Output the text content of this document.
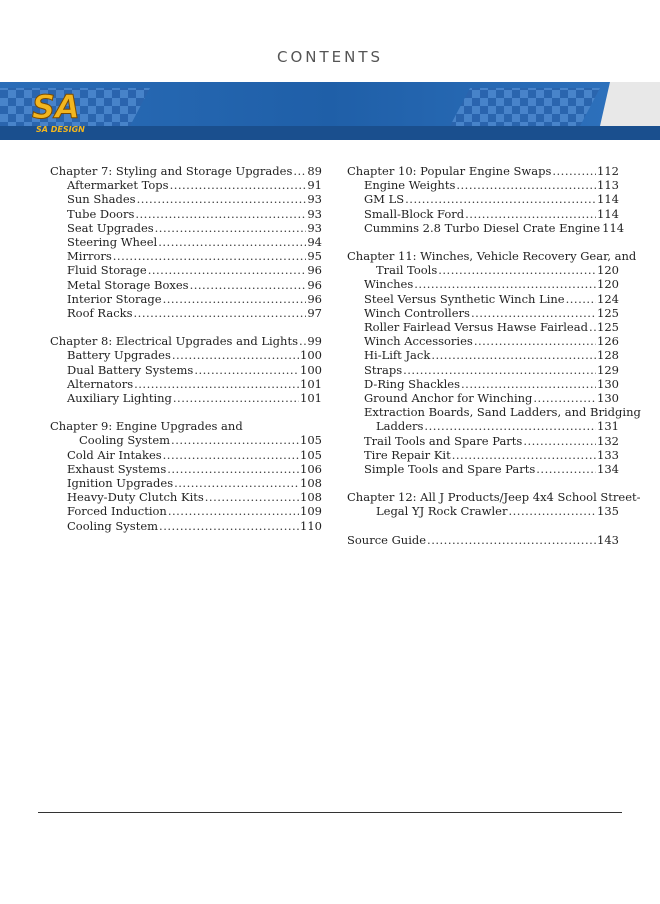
CONTENTS
SA
SA DESIGN
Chapter 7: Styling and Storage Upgrades ..... 89
Aftermarket Tops .....	91
Sun Shades .....	93
Tube Doors .....	93
Seat Upgrades .....	93
Steering Wheel .....	94
Mirrors .....	95
Fluid Storage .....	96
Metal Storage Boxes .....	96
Interior Storage .....	96
Roof Racks .....	97
Chapter 8: Electrical Upgrades and Lights ..... 99
Battery Upgrades .....	100
Dual Battery Systems .....	100
Alternators .....	101
Auxiliary Lighting .....	101
Chapter 9: Engine Upgrades and
Cooling System .....	105
Cold Air Intakes .....	105
Exhaust Systems .....	106
Ignition Upgrades .....	108
Heavy-Duty Clutch Kits .....	108
Forced Induction .....	109
Cooling System .....	110
Chapter 10: Popular Engine Swaps .....	112
Engine Weights .....	113
GM LS .....	114
Small-Block Ford .....	114
Cummins 2.8 Turbo Diesel Crate Engine 114
Chapter 11: Winches, Vehicle Recovery Gear, and
Trail Tools .....	120
Winches .....	120
Steel Versus Synthetic Winch Line .....	124
Winch Controllers .....	125
Roller Fairlead Versus Hawse Fairlead ..... 125
Winch Accessories .....	126
Hi-Lift Jack .....	128
Straps .....	129
D-Ring Shackles .....	130
Ground Anchor for Winching .....	130
Extraction Boards, Sand Ladders, and Bridging
Ladders .....	131
Trail Tools and Spare Parts .....	132
Tire Repair Kit .....	133
Simple Tools and Spare Parts .....	134
Chapter 12: All J Products/Jeep 4x4 School Street-
Legal YJ Rock Crawler .....	135
Source Guide .....	143
